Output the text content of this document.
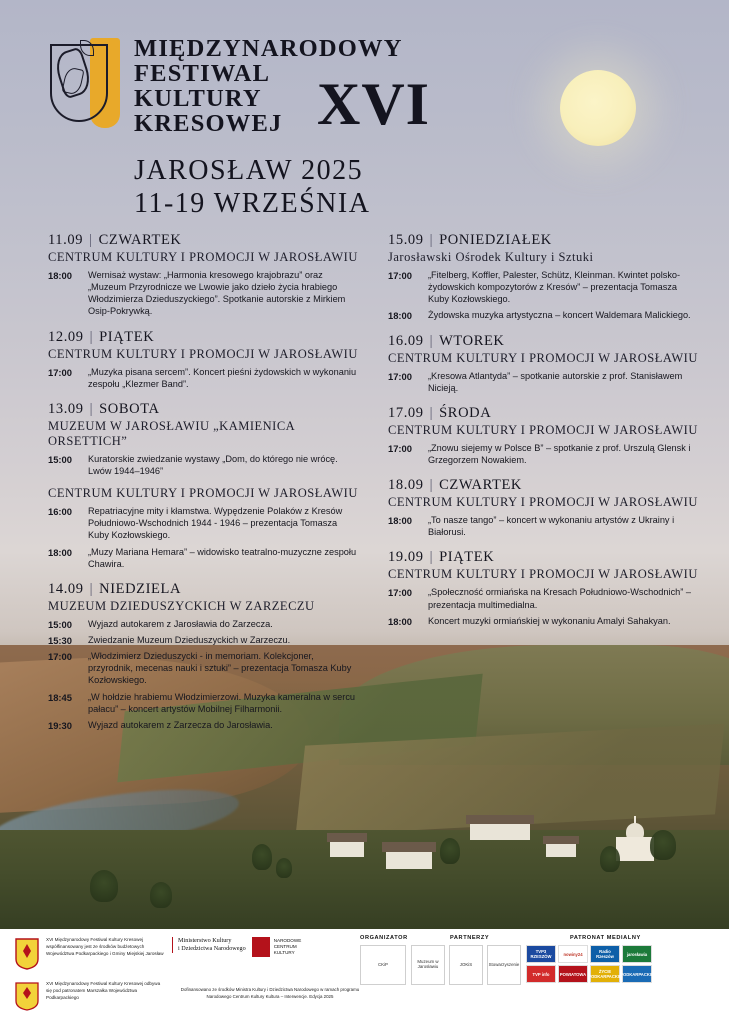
MIĘDZYNARODOWY
FESTIWAL
KULTURY
KRESOWEJ XVI
JAROSŁAW 2025
11-19 WRZEŚNIA
11.09 | CZWARTEK
CENTRUM KULTURY I PROMOCJI W JAROSŁAWIU
18:00	Wernisaż wystaw: „Harmonia kresowego krajobrazu” oraz „Muzeum Przyrodnicze we Lwowie jako dzieło życia hrabiego Włodzimierza Dzieduszyckiego”. Spotkanie autorskie z Mirkiem Osip-Pokrywką.
12.09 | PIĄTEK
CENTRUM KULTURY I PROMOCJI W JAROSŁAWIU
17:00	„Muzyka pisana sercem”. Koncert pieśni żydowskich w wykonaniu zespołu „Klezmer Band”.
13.09 | SOBOTA
MUZEUM W JAROSŁAWIU „KAMIENICA ORSETTICH”
15:00	Kuratorskie zwiedzanie wystawy „Dom, do którego nie wrócę. Lwów 1944–1946”
CENTRUM KULTURY I PROMOCJI W JAROSŁAWIU
16:00	Repatriacyjne mity i kłamstwa. Wypędzenie Polaków z Kresów Południowo-Wschodnich 1944 - 1946 – prezentacja Tomasza Kuby Kozłowskiego.
18:00	„Muzy Mariana Hemara” – widowisko teatralno-muzyczne zespołu Chawira.
14.09 | NIEDZIELA
MUZEUM DZIEDUSZYCKICH W ZARZECZU
15:00	Wyjazd autokarem z Jarosławia do Zarzecza.
15:30	Zwiedzanie Muzeum Dzieduszyckich w Zarzeczu.
17:00	„Włodzimierz Dzieduszycki - in memoriam. Kolekcjoner, przyrodnik, mecenas nauki i sztuki” – prezentacja Tomasza Kuby Kozłowskiego.
18:45	„W hołdzie hrabiemu Włodzimierzowi. Muzyka kameralna w sercu pałacu” – koncert artystów Mobilnej Filharmonii.
19:30	Wyjazd autokarem z Zarzecza do Jarosławia.
15.09 | PONIEDZIAŁEK
Jarosławski Ośrodek Kultury i Sztuki
17:00	„Fitelberg, Koffler, Palester, Schütz, Kleinman. Kwintet polsko-żydowskich kompozytorów z Kresów” – prezentacja Tomasza Kuby Kozłowskiego.
18:00	Żydowska muzyka artystyczna – koncert Waldemara Malickiego.
16.09 | WTOREK
CENTRUM KULTURY I PROMOCJI W JAROSŁAWIU
17:00	„Kresowa Atlantyda” – spotkanie autorskie z prof. Stanisławem Nicieją.
17.09 | ŚRODA
CENTRUM KULTURY I PROMOCJI W JAROSŁAWIU
17:00	„Znowu siejemy w Polsce B” – spotkanie z prof. Urszulą Glensk i Grzegorzem Nowakiem.
18.09 | CZWARTEK
CENTRUM KULTURY I PROMOCJI W JAROSŁAWIU
18:00	„To nasze tango” – koncert w wykonaniu artystów z Ukrainy i Białorusi.
19.09 | PIĄTEK
CENTRUM KULTURY I PROMOCJI W JAROSŁAWIU
17:00	„Społeczność ormiańska na Kresach Południowo-Wschodnich” – prezentacja multimedialna.
18:00	Koncert muzyki ormiańskiej w wykonaniu Amalyi Sahakyan.
XVI Międzynarodowy Festiwal Kultury Kresowej współfinansowany jest ze środków budżetowych Województwa Podkarpackiego i Gminy Miejskiej Jarosław
Ministerstwo Kultury
i Dziedzictwa Narodowego
NARODOWE
CENTRUM
KULTURY
XVI Międzynarodowy Festiwal Kultury Kresowej odbywa się pod patronatem Marszałka Województwa Podkarpackiego
Dofinansowano ze środków Ministra Kultury i Dziedzictwa Narodowego w ramach programu Narodowego Centrum Kultury Kultura – Interwencje. Edycja 2025
ORGANIZATOR	PARTNERZY	PATRONAT MEDIALNY
CKiP	Muzeum w Jarosławiu	JOKiS	Stowarzyszenie
TVP3 RZESZÓW	nowiny24	Radio Rzeszów	jarosławia
TVP info	POWIATOWA	ŻYCIE PODKARPACKIE
PODKARPACKIE
